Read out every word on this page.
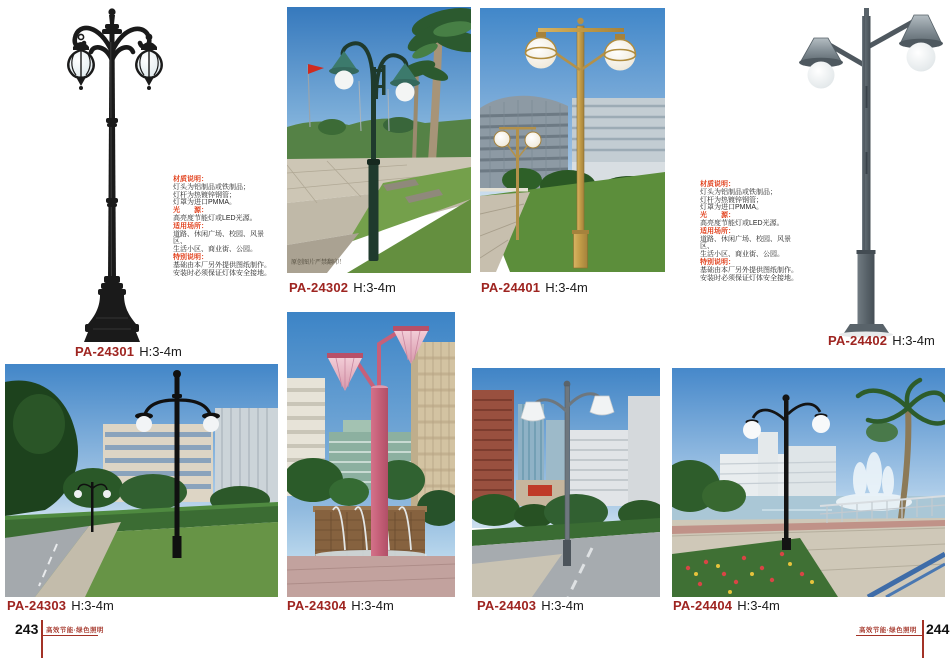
原创图片严禁翻印！
材质说明：
灯头为铝制品或铁制品；
灯杆为热镀锌钢管；
灯罩为进口PMMA。
光　　源：
高亮度节能灯或LED光源。
适用场所：
道路、休闲广场、校园、风景区、
生活小区、商业街、公园。
特别说明：
基础由本厂另外提供图纸制作。
安装时必须保证灯体安全接地。
材质说明：
灯头为铝制品或铁制品；
灯杆为热镀锌钢管；
灯罩为进口PMMA。
光　　源：
高亮度节能灯或LED光源。
适用场所：
道路、休闲广场、校园、风景区、
生活小区、商业街、公园。
特别说明：
基础由本厂另外提供图纸制作。
安装时必须保证灯体安全接地。
PA-24301 H:3-4m
PA-24302 H:3-4m	PA-24401 H:3-4m
PA-24402 H:3-4m
PA-24303 H:3-4m	PA-24304 H:3-4m	PA-24403 H:3-4m	PA-24404 H:3-4m
243 高效节能·绿色照明	高效节能·绿色照明 244
